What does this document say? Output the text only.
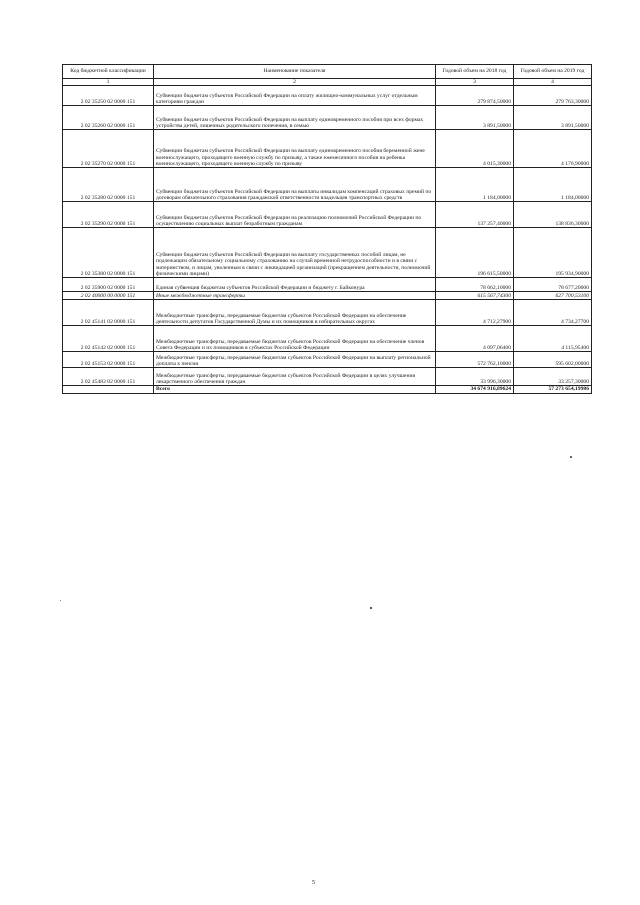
Код бюджетной классификации	Наименование показателя	Годовой объем на 2018 год	Годовой объем на 2019 год
1	2	3	4
2 02 35250 02 0000 151	Субвенции бюджетам субъектов Российской Федерации на оплату жилищно-коммунальных услуг отдельным категориям граждан	279 874,50000	279 763,30000
2 02 35260 02 0000 151	Субвенции бюджетам субъектов Российской Федерации на выплату единовременного пособия при всех формах устройства детей, лишенных родительского попечения, в семью	3 891,50000	3 891,50000
2 02 35270 02 0000 151	Субвенции бюджетам субъектов Российской Федерации на выплату единовременного пособия беременной жене военнослужащего, проходящего военную службу по призыву, а также ежемесячного пособия на ребенка военнослужащего, проходящего военную службу по призыву	4 015,30000	4 176,90000
2 02 35280 02 0000 151	Субвенции бюджетам субъектов Российской Федерации на выплаты инвалидам компенсаций страховых премий по договорам обязательного страхования гражданской ответственности владельцев транспортных средств	1 184,00000	1 184,00000
2 02 35290 02 0000 151	Субвенции бюджетам субъектов Российской Федерации на реализацию полномочий Российской Федерации по осуществлению социальных выплат безработным гражданам	137 257,40000	138 836,30000
2 02 35380 02 0000 151	Субвенции бюджетам субъектов Российской Федерации на выплату государственных пособий лицам, не подлежащим обязательному социальному страхованию на случай временной нетрудоспособности и в связи с материнством, и лицам, уволенным в связи с ликвидацией организаций (прекращением деятельности, полномочий физическими лицами)	196 615,50000	195 934,90000
2 02 35900 02 0000 151	Единая субвенция бюджетам субъектов Российской Федерации и бюджету г. Байконура	78 662,10000	78 677,20000
2 02 40000 00 0000 151	Иные межбюджетные трансферты	615 567,74300	627 700,53100
2 02 45141 02 0000 151	Межбюджетные трансферты, передаваемые бюджетам субъектов Российской Федерации на обеспечение деятельности депутатов Государственной Думы и их помощников в избирательных округах	4 712,27900	4 734,27700
2 02 45142 02 0000 151	Межбюджетные трансферты, передаваемые бюджетам субъектов Российской Федерации на обеспечение членов Совета Федерации и их помощников в субъектах Российской Федерации	4 097,06400	4 115,95400
2 02 45153 02 0000 151	Межбюджетные трансферты, передаваемые бюджетам субъектов Российской Федерации на выплату региональной доплаты к пенсии	572 762,10000	595 602,00000
2 02 45482 02 0000 151	Межбюджетные трансферты, передаваемые бюджетам субъектов Российской Федерации в целях улучшения лекарственного обеспечения граждан	33 996,30000	33 257,30000
	Всего	34 674 916,89624	57 273 654,19986
5
